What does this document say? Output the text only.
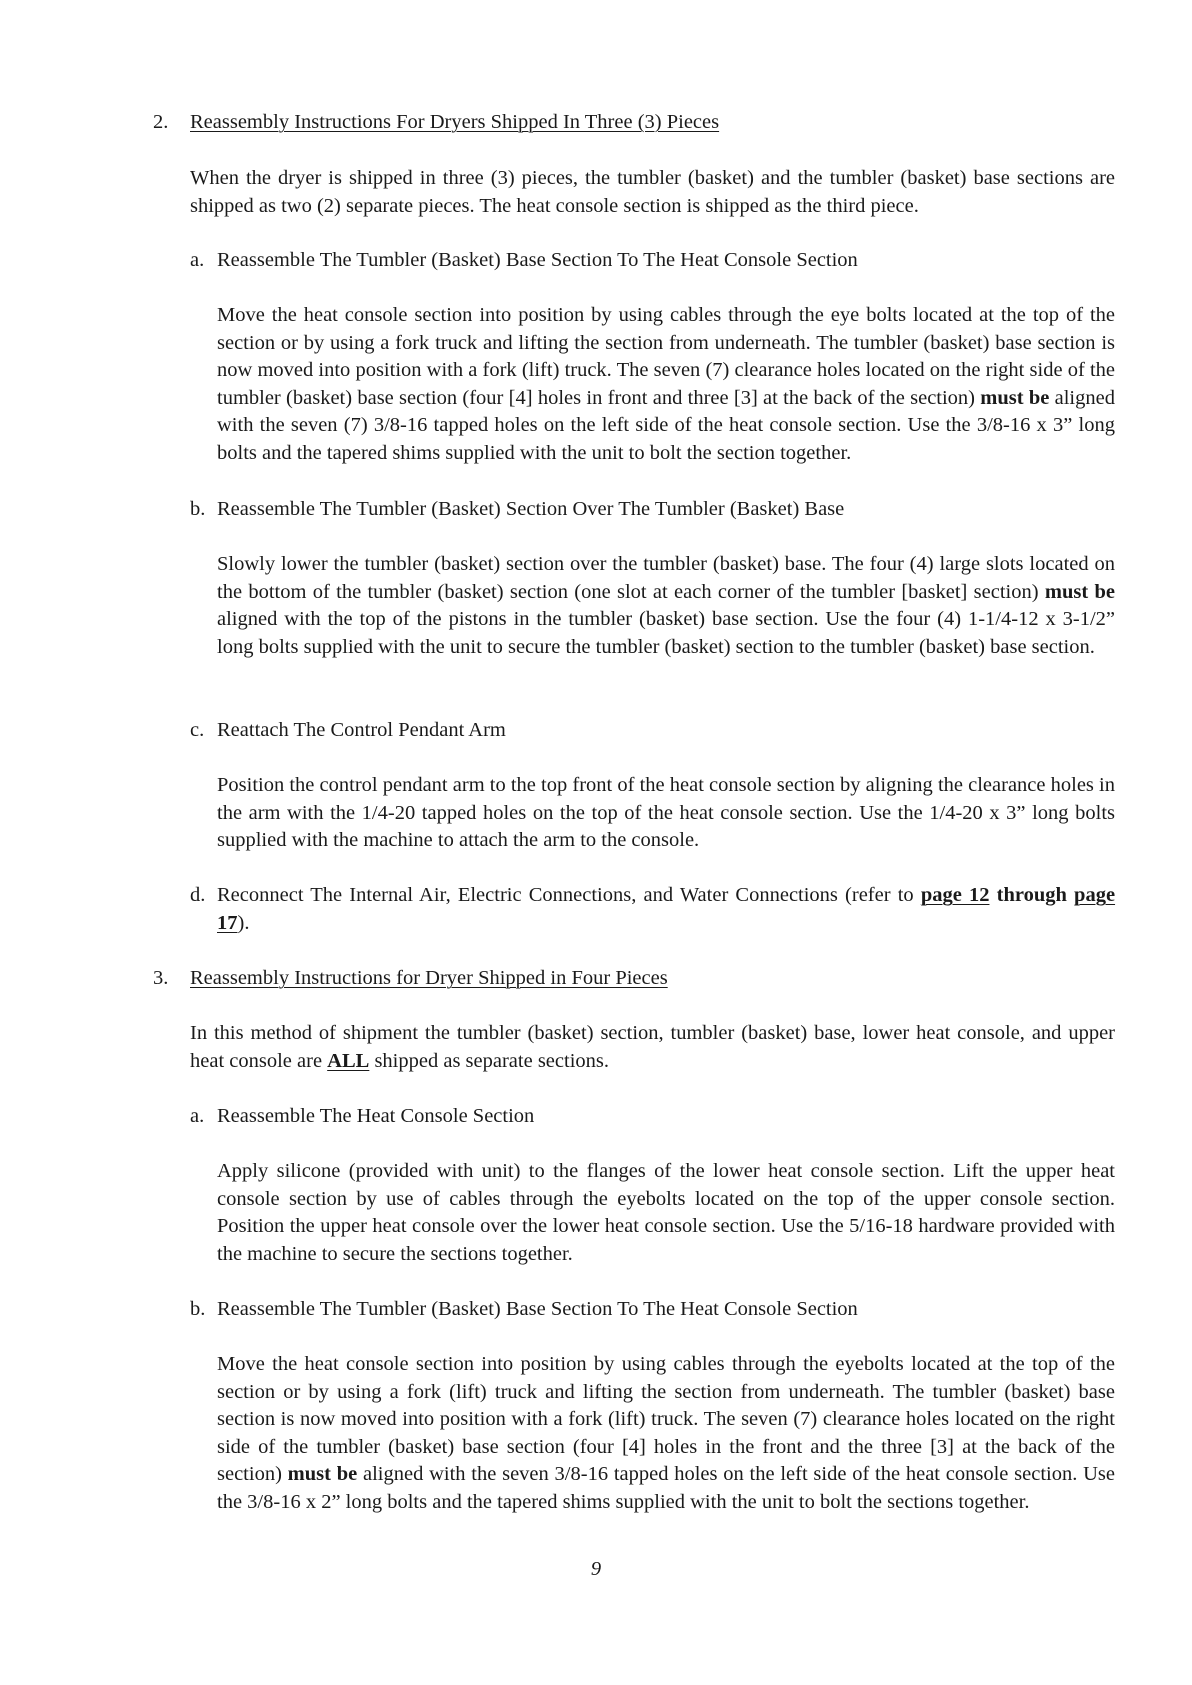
2. Reassembly Instructions For Dryers Shipped In Three (3) Pieces

When the dryer is shipped in three (3) pieces, the tumbler (basket) and the tumbler (basket) base sections are shipped as two (2) separate pieces. The heat console section is shipped as the third piece.

a. Reassemble The Tumbler (Basket) Base Section To The Heat Console Section

Move the heat console section into position by using cables through the eye bolts located at the top of the section or by using a fork truck and lifting the section from underneath. The tumbler (basket) base section is now moved into position with a fork (lift) truck. The seven (7) clearance holes located on the right side of the tumbler (basket) base section (four [4] holes in front and three [3] at the back of the section) must be aligned with the seven (7) 3/8-16 tapped holes on the left side of the heat console section. Use the 3/8-16 x 3” long bolts and the tapered shims supplied with the unit to bolt the section together.

b. Reassemble The Tumbler (Basket) Section Over The Tumbler (Basket) Base

Slowly lower the tumbler (basket) section over the tumbler (basket) base. The four (4) large slots located on the bottom of the tumbler (basket) section (one slot at each corner of the tumbler [basket] section) must be aligned with the top of the pistons in the tumbler (basket) base section. Use the four (4) 1-1/4-12 x 3-1/2” long bolts supplied with the unit to secure the tumbler (basket) section to the tumbler (basket) base section.

c. Reattach The Control Pendant Arm

Position the control pendant arm to the top front of the heat console section by aligning the clearance holes in the arm with the 1/4-20 tapped holes on the top of the heat console section. Use the 1/4-20 x 3” long bolts supplied with the machine to attach the arm to the console.

d. Reconnect The Internal Air, Electric Connections, and Water Connections (refer to page 12 through page 17).

3. Reassembly Instructions for Dryer Shipped in Four Pieces

In this method of shipment the tumbler (basket) section, tumbler (basket) base, lower heat console, and upper heat console are ALL shipped as separate sections.

a. Reassemble The Heat Console Section

Apply silicone (provided with unit) to the flanges of the lower heat console section. Lift the upper heat console section by use of cables through the eyebolts located on the top of the upper console section. Position the upper heat console over the lower heat console section. Use the 5/16-18 hardware provided with the machine to secure the sections together.

b. Reassemble The Tumbler (Basket) Base Section To The Heat Console Section

Move the heat console section into position by using cables through the eyebolts located at the top of the section or by using a fork (lift) truck and lifting the section from underneath. The tumbler (basket) base section is now moved into position with a fork (lift) truck. The seven (7) clearance holes located on the right side of the tumbler (basket) base section (four [4] holes in the front and the three [3] at the back of the section) must be aligned with the seven 3/8-16 tapped holes on the left side of the heat console section. Use the 3/8-16 x 2” long bolts and the tapered shims supplied with the unit to bolt the sections together.

9
